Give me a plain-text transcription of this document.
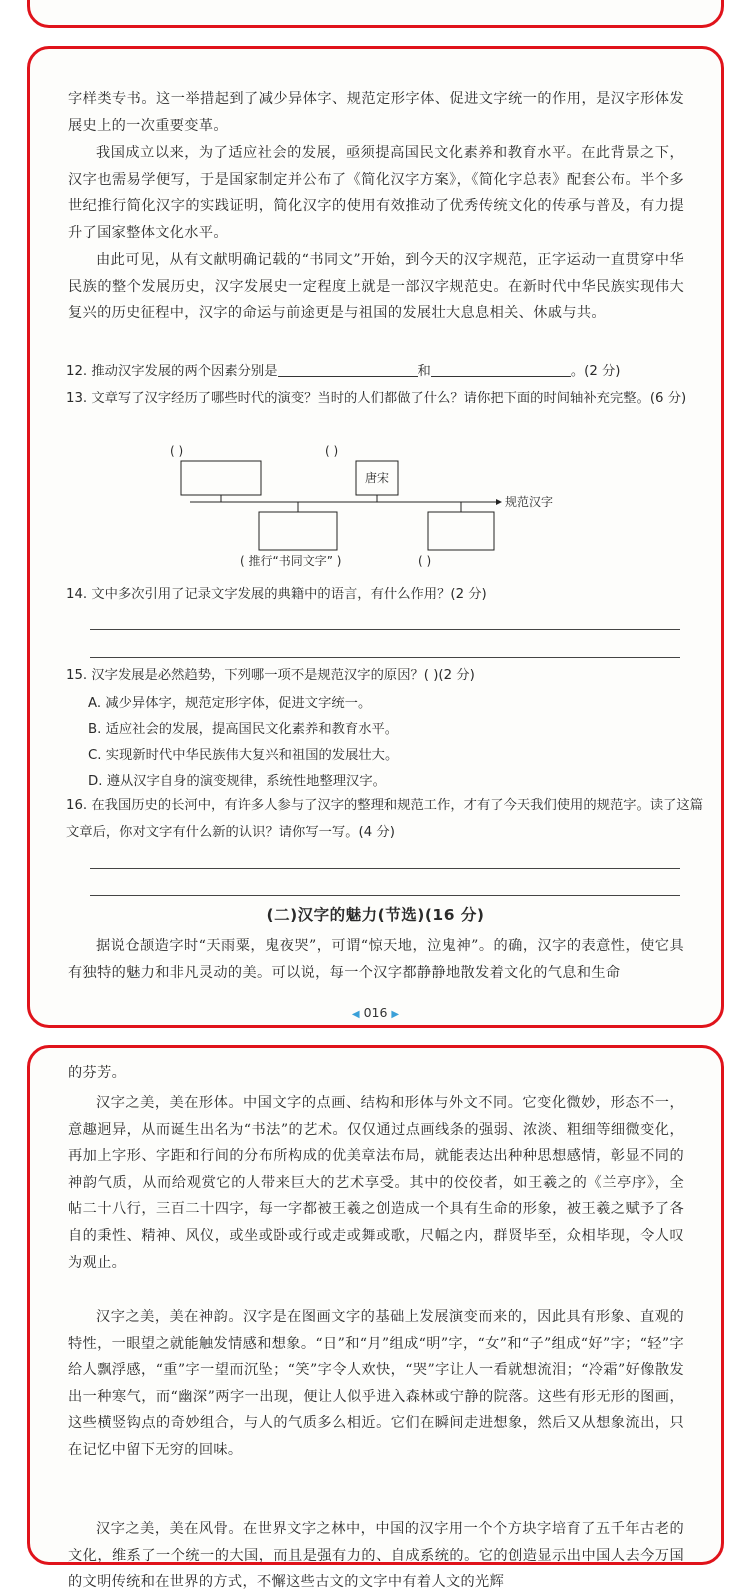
字样类专书。这一举措起到了减少异体字、规范定形字体、促进文字统一的作用，是汉字形体发展史上的一次重要变革。

我国成立以来，为了适应社会的发展，亟须提高国民文化素养和教育水平。在此背景之下，汉字也需易学便写，于是国家制定并公布了《简化汉字方案》，《简化字总表》配套公布。半个多世纪推行简化汉字的实践证明，简化汉字的使用有效推动了优秀传统文化的传承与普及，有力提升了国家整体文化水平。

由此可见，从有文献明确记载的“书同文”开始，到今天的汉字规范，正字运动一直贯穿中华民族的整个发展历史，汉字发展史一定程度上就是一部汉字规范史。在新时代中华民族实现伟大复兴的历史征程中，汉字的命运与前途更是与祖国的发展壮大息息相关、休戚与共。

12. 推动汉字发展的两个因素分别是	和	。(2 分)

13. 文章写了汉字经历了哪些时代的演变？当时的人们都做了什么？请你把下面的时间轴补充完整。(6 分)

( )	( )
唐宋
规范汉字
( 推行“书同文字” )	( )

14. 文中多次引用了记录文字发展的典籍中的语言，有什么作用？(2 分)

15. 汉字发展是必然趋势，下列哪一项不是规范汉字的原因？( )(2 分)

A. 减少异体字，规范定形字体，促进文字统一。

B. 适应社会的发展，提高国民文化素养和教育水平。

C. 实现新时代中华民族伟大复兴和祖国的发展壮大。

D. 遵从汉字自身的演变规律，系统性地整理汉字。

16. 在我国历史的长河中，有许多人参与了汉字的整理和规范工作，才有了今天我们使用的规范字。读了这篇文章后，你对文字有什么新的认识？请你写一写。(4 分)

(二)汉字的魅力(节选)(16 分)

据说仓颉造字时“天雨粟，鬼夜哭”，可谓“惊天地，泣鬼神”。的确，汉字的表意性，使它具有独特的魅力和非凡灵动的美。可以说，每一个汉字都静静地散发着文化的气息和生命

◀ 016 ▶

的芬芳。

汉字之美，美在形体。中国文字的点画、结构和形体与外文不同。它变化微妙，形态不一，意趣迥异，从而诞生出名为“书法”的艺术。仅仅通过点画线条的强弱、浓淡、粗细等细微变化，再加上字形、字距和行间的分布所构成的优美章法布局，就能表达出种种思想感情，彰显不同的神韵气质，从而给观赏它的人带来巨大的艺术享受。其中的佼佼者，如王羲之的《兰亭序》，全帖二十八行，三百二十四字，每一字都被王羲之创造成一个具有生命的形象，被王羲之赋予了各自的秉性、精神、风仪，或坐或卧或行或走或舞或歌，尺幅之内，群贤毕至，众相毕现，令人叹为观止。

汉字之美，美在神韵。汉字是在图画文字的基础上发展演变而来的，因此具有形象、直观的特性，一眼望之就能触发情感和想象。“日”和“月”组成“明”字，“女”和“子”组成“好”字；“轻”字给人飘浮感，“重”字一望而沉坠；“笑”字令人欢快，“哭”字让人一看就想流泪；“冷霜”好像散发出一种寒气，而“幽深”两字一出现，便让人似乎进入森林或宁静的院落。这些有形无形的图画，这些横竖钩点的奇妙组合，与人的气质多么相近。它们在瞬间走进想象，然后又从想象流出，只在记忆中留下无穷的回味。

汉字之美，美在风骨。在世界文字之林中，中国的汉字用一个个方块字培育了五千年古老的文化，维系了一个统一的大国，而且是强有力的、自成系统的。它的创造显示出中国人去今万国的文明传统和在世界的方式，不懈这些古文的文字中有着人文的光辉
